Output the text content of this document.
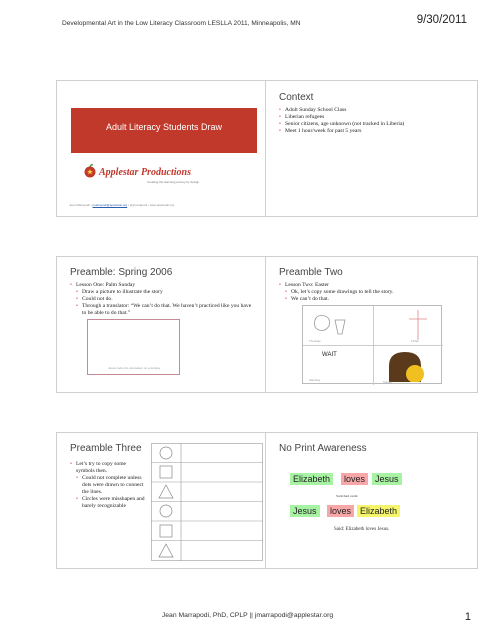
Developmental Art in the Low Literacy Classroom LESLLA 2011, Minneapolis, MN	9/30/2011
Adult Literacy Students Draw
Applestar Productions
Creating the learning journey by design
Jean Marrapodi • jmarrapodi@applestar.org • @jmarrapodi • www.applestar.org
Context
• Adult Sunday School Class
• Liberian refugees
• Senior citizens, age unknown (not tracked in Liberia)
• Meet 1 hour/week for past 5 years
Preamble: Spring 2006
• Lesson One: Palm Sunday
• Draw a picture to illustrate the story
• Could not do.
• Through a translator: “We can’t do that. We haven’t practiced like you have to be able to do that.”
Jesus rode into Jerusalem on a donkey.
Preamble Two
• Lesson Two: Easter
• Ok, let’s copy some drawings to tell the story.
• We can’t do that.
Thursday	Friday
WAIT
Saturday	Sunday
Preamble Three
• Let’s try to copy some symbols then.
• Could not complete unless dots were drawn to connect the lines.
• Circles were misshapen and barely recognizable
No Print Awareness
Elizabeth	loves	Jesus
Switched cards:
Jesus	loves Elizabeth
Said: Elizabeth loves Jesus.
Jean Marrapodi, PhD, CPLP || jmarrapodi@applestar.org	1
